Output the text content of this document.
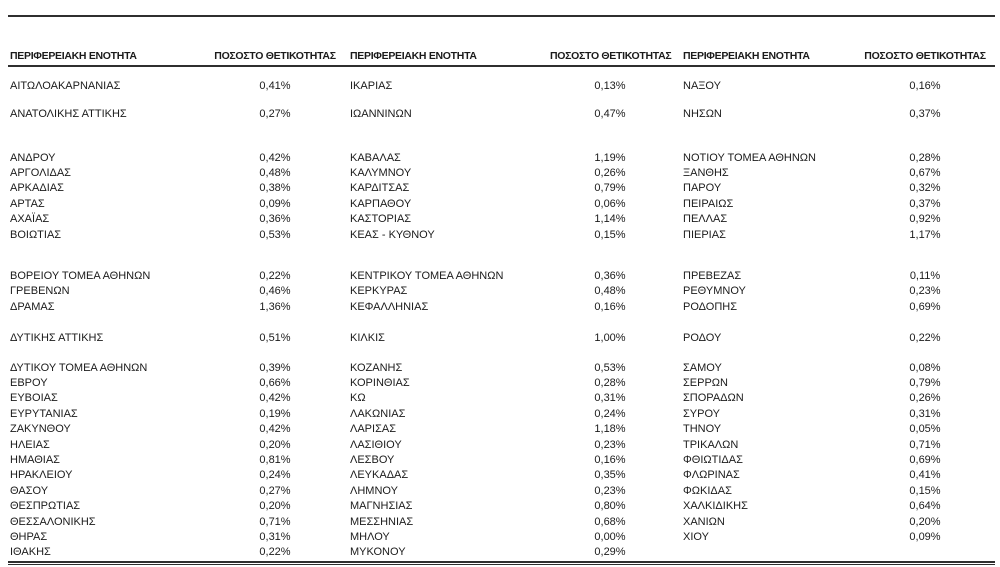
ΠΕΡΙΦΕΡΕΙΑΚΗ ΕΝΟΤΗΤΑ	ΠΟΣΟΣΤΟ ΘΕΤΙΚΟΤΗΤΑΣ	ΠΕΡΙΦΕΡΕΙΑΚΗ ΕΝΟΤΗΤΑ	ΠΟΣΟΣΤΟ ΘΕΤΙΚΟΤΗΤΑΣ	ΠΕΡΙΦΕΡΕΙΑΚΗ ΕΝΟΤΗΤΑ	ΠΟΣΟΣΤΟ ΘΕΤΙΚΟΤΗΤΑΣ

ΑΙΤΩΛΟΑΚΑΡΝΑΝΙΑΣ	0,41%	ΙΚΑΡΙΑΣ	0,13%	ΝΑΞΟΥ	0,16%
ΑΝΑΤΟΛΙΚΗΣ ΑΤΤΙΚΗΣ	0,27%	ΙΩΑΝΝΙΝΩΝ	0,47%	ΝΗΣΩΝ	0,37%

ΑΝΔΡΟΥ	0,42%	ΚΑΒΑΛΑΣ	1,19%	ΝΟΤΙΟΥ ΤΟΜΕΑ ΑΘΗΝΩΝ	0,28%
ΑΡΓΟΛΙΔΑΣ	0,48%	ΚΑΛΥΜΝΟΥ	0,26%	ΞΑΝΘΗΣ	0,67%
ΑΡΚΑΔΙΑΣ	0,38%	ΚΑΡΔΙΤΣΑΣ	0,79%	ΠΑΡΟΥ	0,32%
ΑΡΤΑΣ	0,09%	ΚΑΡΠΑΘΟΥ	0,06%	ΠΕΙΡΑΙΩΣ	0,37%
ΑΧΑΪΑΣ	0,36%	ΚΑΣΤΟΡΙΑΣ	1,14%	ΠΕΛΛΑΣ	0,92%
ΒΟΙΩΤΙΑΣ	0,53%	ΚΕΑΣ - ΚΥΘΝΟΥ	0,15%	ΠΙΕΡΙΑΣ	1,17%

ΒΟΡΕΙΟΥ ΤΟΜΕΑ ΑΘΗΝΩΝ	0,22%	ΚΕΝΤΡΙΚΟΥ ΤΟΜΕΑ ΑΘΗΝΩΝ	0,36%	ΠΡΕΒΕΖΑΣ	0,11%
ΓΡΕΒΕΝΩΝ	0,46%	ΚΕΡΚΥΡΑΣ	0,48%	ΡΕΘΥΜΝΟΥ	0,23%
ΔΡΑΜΑΣ	1,36%	ΚΕΦΑΛΛΗΝΙΑΣ	0,16%	ΡΟΔΟΠΗΣ	0,69%

ΔΥΤΙΚΗΣ ΑΤΤΙΚΗΣ	0,51%	ΚΙΛΚΙΣ	1,00%	ΡΟΔΟΥ	0,22%

ΔΥΤΙΚΟΥ ΤΟΜΕΑ ΑΘΗΝΩΝ	0,39%	ΚΟΖΑΝΗΣ	0,53%	ΣΑΜΟΥ	0,08%
ΕΒΡΟΥ	0,66%	ΚΟΡΙΝΘΙΑΣ	0,28%	ΣΕΡΡΩΝ	0,79%
ΕΥΒΟΙΑΣ	0,42%	ΚΩ	0,31%	ΣΠΟΡΑΔΩΝ	0,26%
ΕΥΡΥΤΑΝΙΑΣ	0,19%	ΛΑΚΩΝΙΑΣ	0,24%	ΣΥΡΟΥ	0,31%
ΖΑΚΥΝΘΟΥ	0,42%	ΛΑΡΙΣΑΣ	1,18%	ΤΗΝΟΥ	0,05%
ΗΛΕΙΑΣ	0,20%	ΛΑΣΙΘΙΟΥ	0,23%	ΤΡΙΚΑΛΩΝ	0,71%
ΗΜΑΘΙΑΣ	0,81%	ΛΕΣΒΟΥ	0,16%	ΦΘΙΩΤΙΔΑΣ	0,69%
ΗΡΑΚΛΕΙΟΥ	0,24%	ΛΕΥΚΑΔΑΣ	0,35%	ΦΛΩΡΙΝΑΣ	0,41%
ΘΑΣΟΥ	0,27%	ΛΗΜΝΟΥ	0,23%	ΦΩΚΙΔΑΣ	0,15%
ΘΕΣΠΡΩΤΙΑΣ	0,20%	ΜΑΓΝΗΣΙΑΣ	0,80%	ΧΑΛΚΙΔΙΚΗΣ	0,64%
ΘΕΣΣΑΛΟΝΙΚΗΣ	0,71%	ΜΕΣΣΗΝΙΑΣ	0,68%	ΧΑΝΙΩΝ	0,20%
ΘΗΡΑΣ	0,31%	ΜΗΛΟΥ	0,00%	ΧΙΟΥ	0,09%
ΙΘΑΚΗΣ	0,22%	ΜΥΚΟΝΟΥ	0,29%		
